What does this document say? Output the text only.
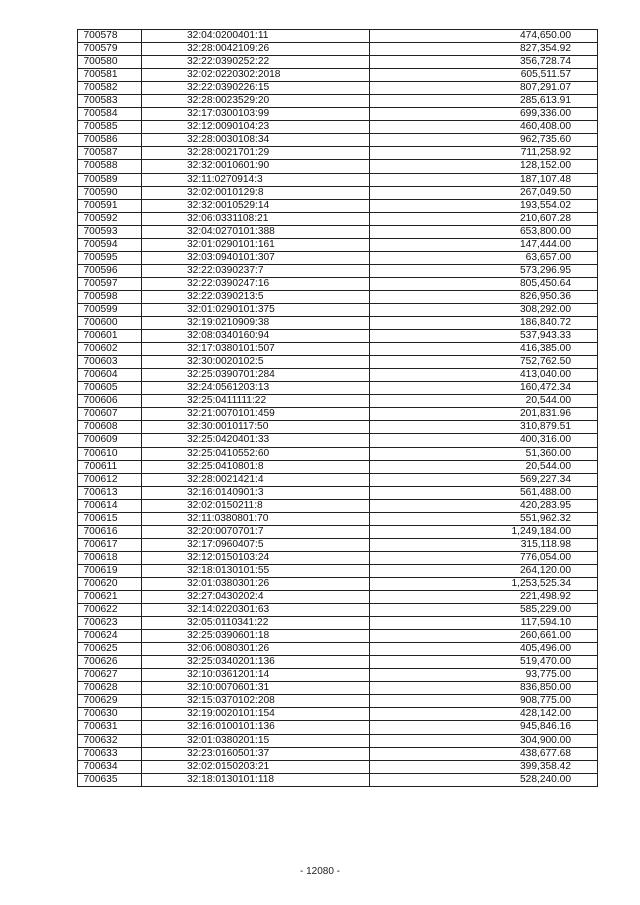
700578	32:04:0200401:11	474,650.00
700579	32:28:0042109:26	827,354.92
700580	32:22:0390252:22	356,728.74
700581	32:02:0220302:2018	605,511.57
700582	32:22:0390226:15	807,291.07
700583	32:28:0023529:20	285,613.91
700584	32:17:0300103:99	699,336.00
700585	32:12:0090104:23	460,408.00
700586	32:28:0030108:34	962,735.60
700587	32:28:0021701:29	711,258.92
700588	32:32:0010601:90	128,152.00
700589	32:11:0270914:3	187,107.48
700590	32:02:0010129:8	267,049.50
700591	32:32:0010529:14	193,554.02
700592	32:06:0331108:21	210,607.28
700593	32:04:0270101:388	653,800.00
700594	32:01:0290101:161	147,444.00
700595	32:03:0940101:307	63,657.00
700596	32:22:0390237:7	573,296.95
700597	32:22:0390247:16	805,450.64
700598	32:22:0390213:5	826,950.36
700599	32:01:0290101:375	308,292.00
700600	32:19:0210909:38	186,840.72
700601	32:08:0340160:94	537,943.33
700602	32:17:0380101:507	416,385.00
700603	32:30:0020102:5	752,762.50
700604	32:25:0390701:284	413,040.00
700605	32:24:0561203:13	160,472.34
700606	32:25:0411111:22	20,544.00
700607	32:21:0070101:459	201,831.96
700608	32:30:0010117:50	310,879.51
700609	32:25:0420401:33	400,316.00
700610	32:25:0410552:60	51,360.00
700611	32:25:0410801:8	20,544.00
700612	32:28:0021421:4	569,227.34
700613	32:16:0140901:3	561,488.00
700614	32:02:0150211:8	420,283.95
700615	32:11:0380801:70	551,962.32
700616	32:20:0070701:7	1,249,184.00
700617	32:17:0960407:5	315,118.98
700618	32:12:0150103:24	776,054.00
700619	32:18:0130101:55	264,120.00
700620	32:01:0380301:26	1,253,525.34
700621	32:27:0430202:4	221,498.92
700622	32:14:0220301:63	585,229.00
700623	32:05:0110341:22	117,594.10
700624	32:25:0390601:18	260,661.00
700625	32:06:0080301:26	405,496.00
700626	32:25:0340201:136	519,470.00
700627	32:10:0361201:14	93,775.00
700628	32:10:0070601:31	836,850.00
700629	32:15:0370102:208	908,775.00
700630	32:19:0020101:154	428,142.00
700631	32:16:0100101:136	945,846.16
700632	32:01:0380201:15	304,900.00
700633	32:23:0160501:37	438,677.68
700634	32:02:0150203:21	399,358.42
700635	32:18:0130101:118	528,240.00
- 12080 -
